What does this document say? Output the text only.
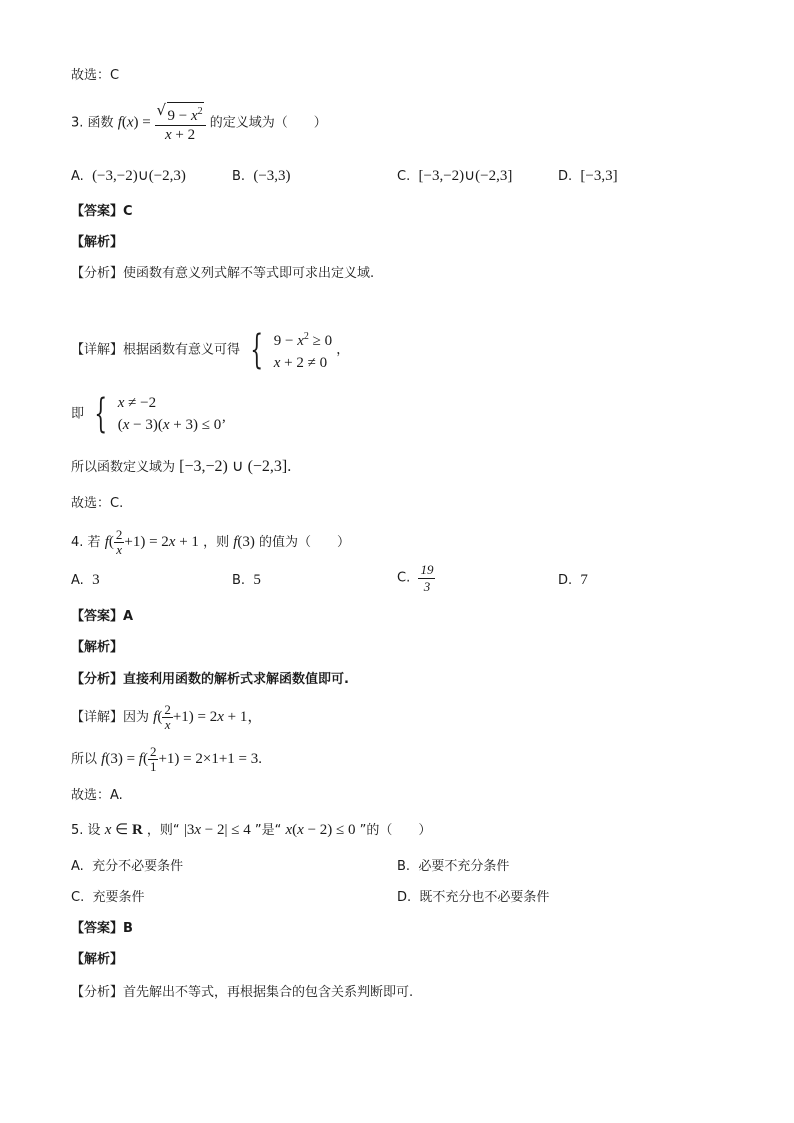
故选：C
3. 函数 f(x) =
√ $\frac{9 - x^2}{x + 2}$ 的定义域为（　　）
A. (−3,−2)∪(−2,3)	B. (−3,3)	C. [−3,−2)∪(−2,3]	D. [−3,3]
【答案】C
【解析】
【分析】使函数有意义列式解不等式即可求出定义域.
【详解】根据函数有意义可得 { $9 - x^2 \ge 0$
x + 2 ≠ 0
，
即 { x ≠ −2
(x − 3)(x + 3) ≤ 0’
所以函数定义域为 [−3,−2) ∪ (−2,3].
故选：C.
4. 若 $f( \frac{2}{x} +1) = 2x + 1$ ，则 f(3) 的值为（　　）
A. 3	B. 5	C. $\frac{19}{3}$	D. 7
【答案】A
【解析】
【分析】直接利用函数的解析式求解函数值即可.
【详解】因为 $f( \frac{2}{x} +1) = 2x + 1$，
所以 $f(3) = f( \frac{2}{1} +1) = 2\times 1+1 = 3$.
故选：A.
5. 设 x ∈ R ，则“ |3x − 2| ≤ 4 ”是“ x(x − 2) ≤ 0 ”的（　　）
A. 充分不必要条件	B. 必要不充分条件
C. 充要条件	D. 既不充分也不必要条件
【答案】B
【解析】
【分析】首先解出不等式，再根据集合的包含关系判断即可.
